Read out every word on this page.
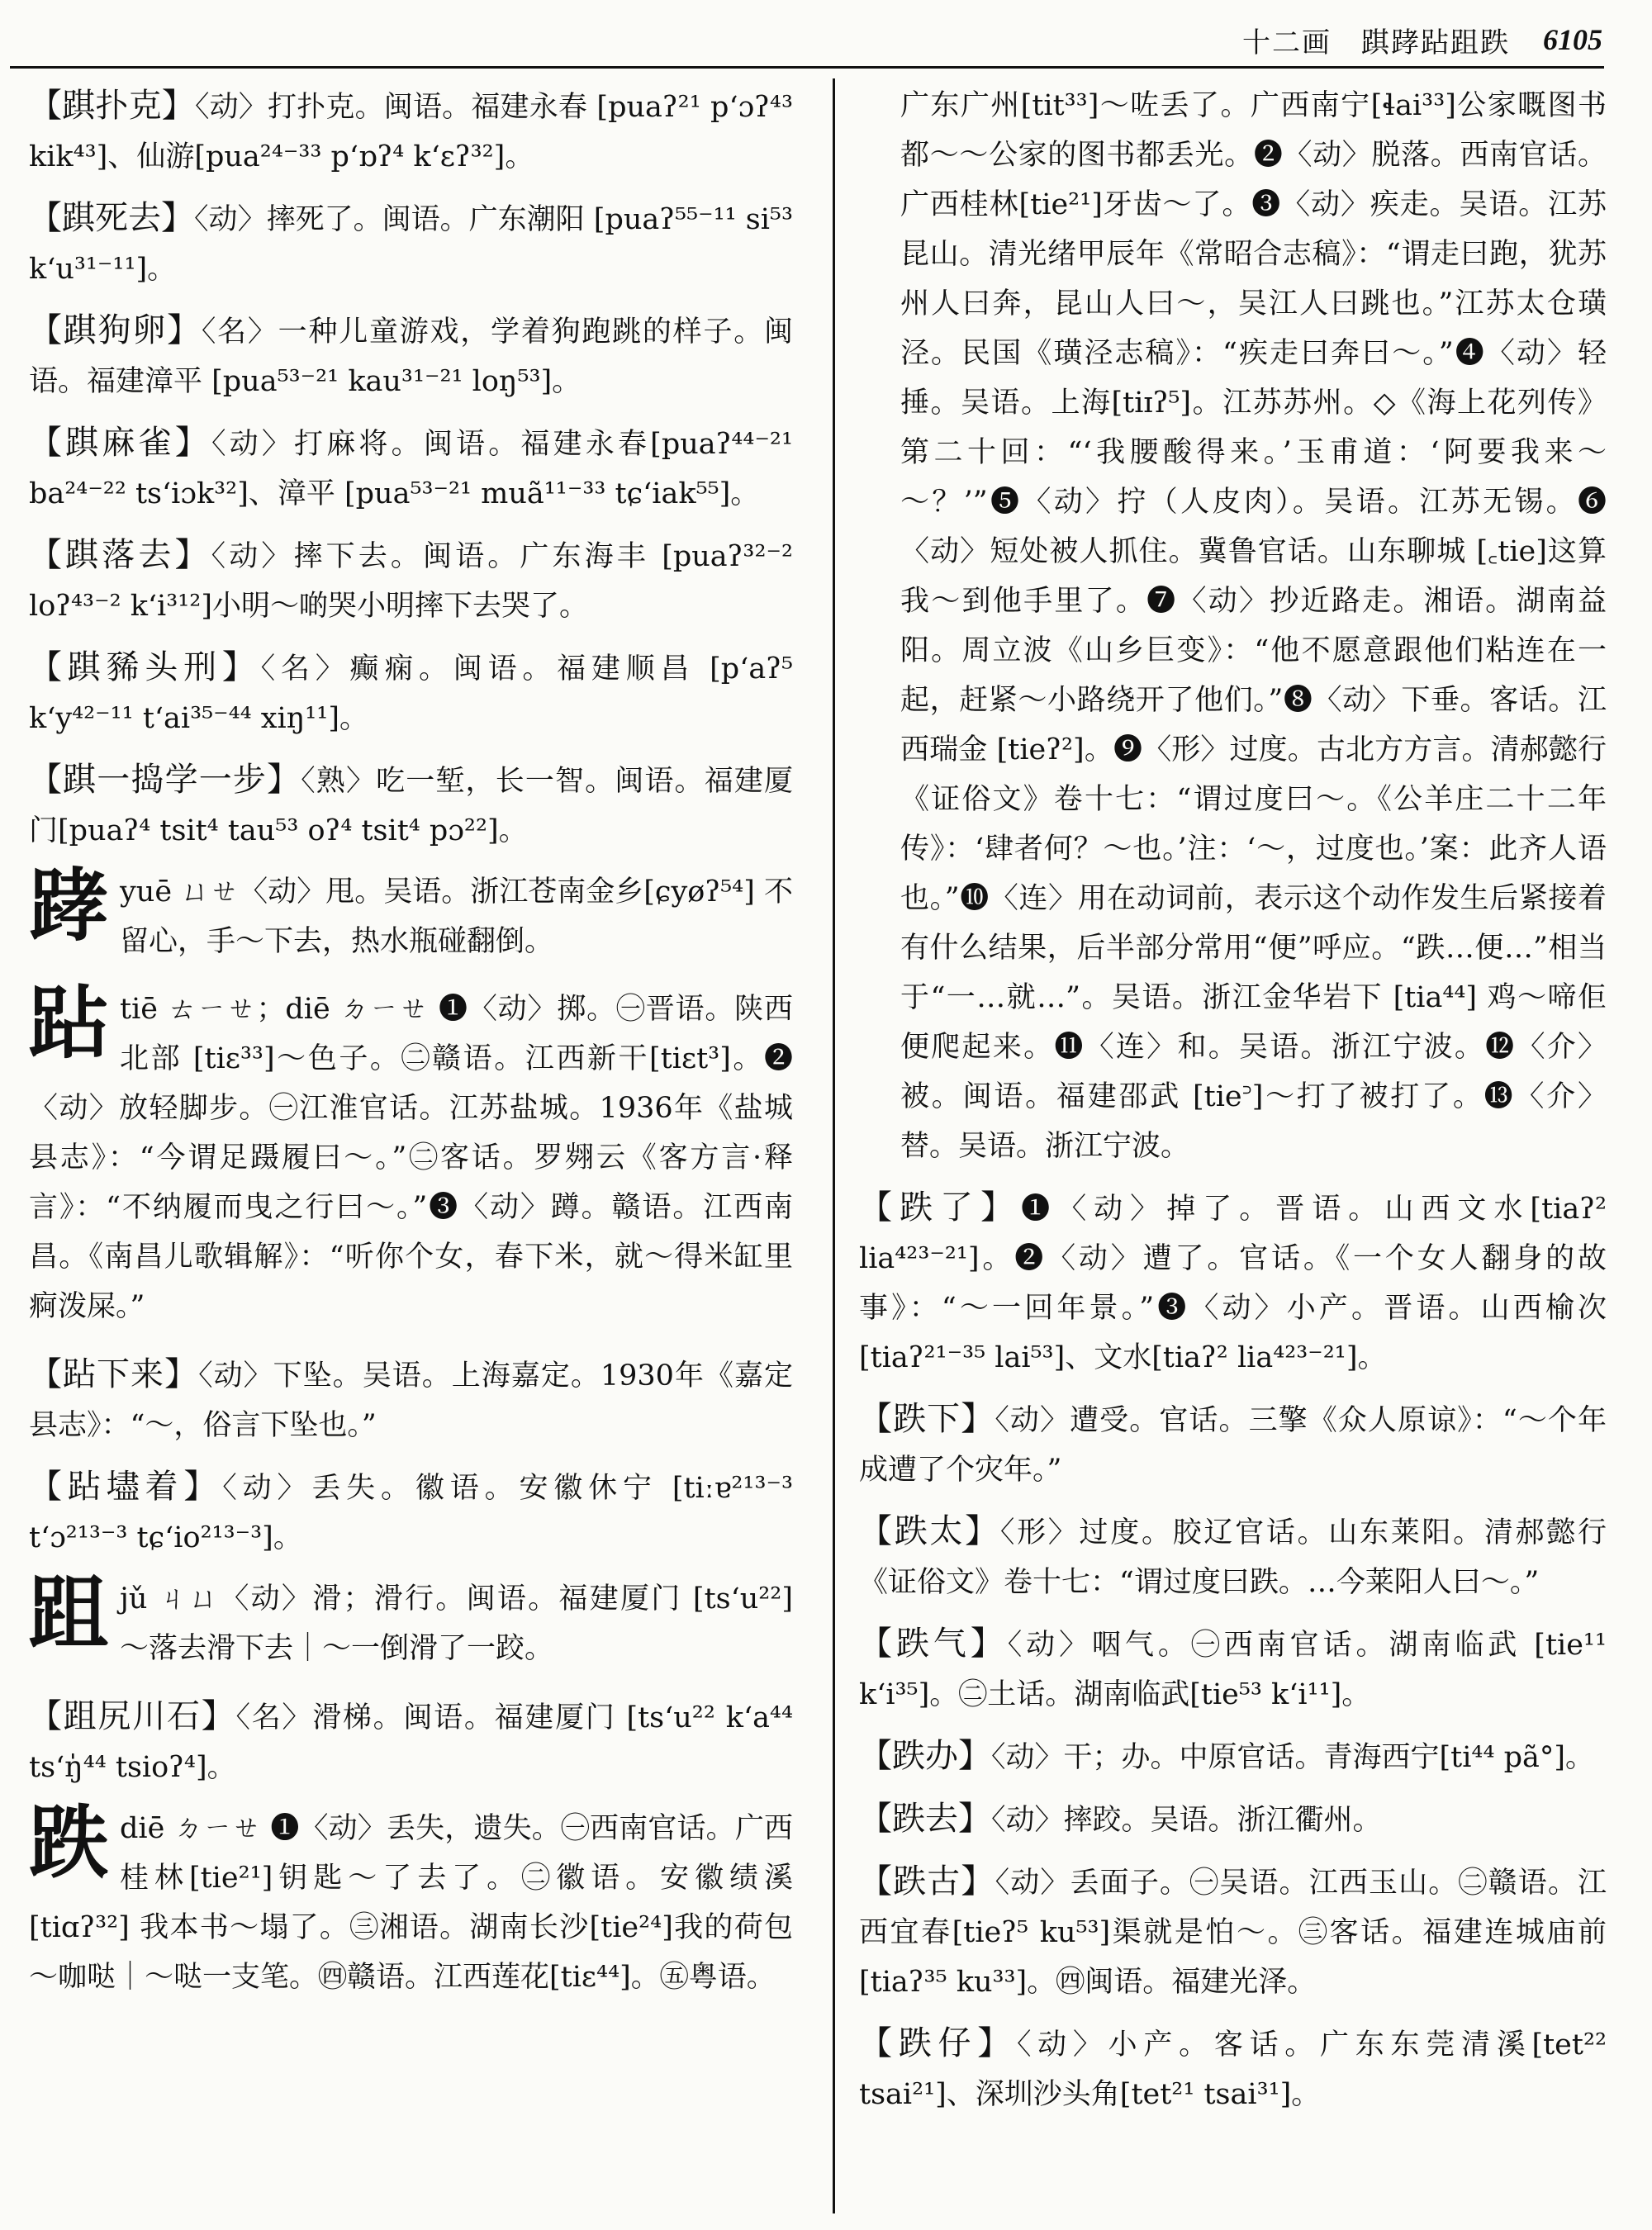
十二画　踑踍跕跙跌 6105

【踑扑克】〈动〉打扑克。闽语。福建永春 [puaʔ²¹ pʻɔʔ⁴³ kik⁴³]、仙游[pua²⁴⁻³³ pʻɒʔ⁴ kʻɛʔ³²]。

【踑死去】〈动〉摔死了。闽语。广东潮阳 [puaʔ⁵⁵⁻¹¹ si⁵³ kʻu³¹⁻¹¹]。

【踑狗卵】〈名〉一种儿童游戏，学着狗跑跳的样子。闽语。福建漳平 [pua⁵³⁻²¹ kau³¹⁻²¹ loŋ⁵³]。

【踑麻雀】〈动〉打麻将。闽语。福建永春[puaʔ⁴⁴⁻²¹ ba²⁴⁻²² tsʻiɔk³²]、漳平 [pua⁵³⁻²¹ muã¹¹⁻³³ tɕʻiak⁵⁵]。

【踑落去】〈动〉摔下去。闽语。广东海丰 [puaʔ³²⁻² loʔ⁴³⁻² kʻi³¹²]小明～啲哭小明摔下去哭了。

【踑豨头刑】〈名〉癫痫。闽语。福建顺昌 [pʻaʔ⁵ kʻy⁴²⁻¹¹ tʻai³⁵⁻⁴⁴ xiŋ¹¹]。

【踑一捣学一步】〈熟〉吃一堑，长一智。闽语。福建厦门[puaʔ⁴ tsit⁴ tau⁵³ oʔ⁴ tsit⁴ pɔ²²]。

踍 yuē ㄩㄝ〈动〉甩。吴语。浙江苍南金乡[ɕyøʔ⁵⁴] 不留心，手～下去，热水瓶碰翻倒。
跕 tiē ㄊㄧㄝ；diē ㄉㄧㄝ ❶〈动〉掷。㊀晋语。陕西北部 [tiɛ³³]～色子。㊁赣语。江西新干[tiɛt³]。❷〈动〉放轻脚步。㊀江淮官话。江苏盐城。1936年《盐城县志》：“今谓足蹑履曰～。”㊁客话。罗翙云《客方言·释言》：“不纳履而曳之行曰～。”❸〈动〉蹲。赣语。江西南昌。《南昌儿歌辑解》：“听你个女，春下米，就～得米缸里痾泼屎。”

【跕下来】〈动〉下坠。吴语。上海嘉定。1930年《嘉定县志》：“～，俗言下坠也。”

【跕壗着】〈动〉丢失。徽语。安徽休宁 [tiːɐ²¹³⁻³ tʻɔ²¹³⁻³ tɕʻio²¹³⁻³]。

跙 jǔ ㄐㄩ〈动〉滑；滑行。闽语。福建厦门 [tsʻu²²] ～落去滑下去｜～一倒滑了一跤。

【跙尻川石】〈名〉滑梯。闽语。福建厦门 [tsʻu²² kʻa⁴⁴ tsʻŋ̍⁴⁴ tsioʔ⁴]。

跌 diē ㄉㄧㄝ ❶〈动〉丢失，遗失。㊀西南官话。广西桂林[tie²¹]钥匙～了去了。㊁徽语。安徽绩溪 [tiɑʔ³²] 我本书～塌了。㊂湘语。湖南长沙[tie²⁴]我的荷包～咖哒｜～哒一支笔。㊃赣语。江西莲花[tiɛ⁴⁴]。㊄粤语。

广东广州[tit³³]～咗丢了。广西南宁[ɬai³³]公家嘅图书都～～公家的图书都丢光。❷〈动〉脱落。西南官话。广西桂林[tie²¹]牙齿～了。❸〈动〉疾走。吴语。江苏昆山。清光绪甲辰年《常昭合志稿》：“谓走曰跑，犹苏州人曰奔，昆山人曰～，吴江人曰跳也。”江苏太仓璜泾。民国《璜泾志稿》：“疾走曰奔曰～。”❹〈动〉轻捶。吴语。上海[tiɪʔ⁵]。江苏苏州。◇《海上花列传》第二十回：“‘我腰酸得来。’玉甫道：‘阿要我来～～？’”❺〈动〉拧（人皮肉）。吴语。江苏无锡。❻〈动〉短处被人抓住。冀鲁官话。山东聊城 [꜀tie]这算我～到他手里了。❼〈动〉抄近路走。湘语。湖南益阳。周立波《山乡巨变》：“他不愿意跟他们粘连在一起，赶紧～小路绕开了他们。”❽〈动〉下垂。客话。江西瑞金 [tieʔ²]。❾〈形〉过度。古北方方言。清郝懿行《证俗文》卷十七：“谓过度曰～。《公羊庄二十二年传》：‘肆者何？～也。’注：‘～，过度也。’案：此齐人语也。”❿〈连〉用在动词前，表示这个动作发生后紧接着有什么结果，后半部分常用“便”呼应。“跌…便…”相当于“一…就…”。吴语。浙江金华岩下 [tia⁴⁴] 鸡～啼佢便爬起来。⓫〈连〉和。吴语。浙江宁波。⓬〈介〉被。闽语。福建邵武 [tie꜄]～打了被打了。⓭〈介〉替。吴语。浙江宁波。

【跌了】❶〈动〉掉了。晋语。山西文水[tiaʔ² lia⁴²³⁻²¹]。❷〈动〉遭了。官话。《一个女人翻身的故事》：“～一回年景。”❸〈动〉小产。晋语。山西榆次[tiaʔ²¹⁻³⁵ lai⁵³]、文水[tiaʔ² lia⁴²³⁻²¹]。

【跌下】〈动〉遭受。官话。三擎《众人原谅》：“～个年成遭了个灾年。”

【跌太】〈形〉过度。胶辽官话。山东莱阳。清郝懿行《证俗文》卷十七：“谓过度曰跌。…今莱阳人曰～。”

【跌气】〈动〉咽气。㊀西南官话。湖南临武 [tie¹¹ kʻi³⁵]。㊁土话。湖南临武[tie⁵³ kʻi¹¹]。

【跌办】〈动〉干；办。中原官话。青海西宁[ti⁴⁴ pã°]。

【跌去】〈动〉摔跤。吴语。浙江衢州。

【跌古】〈动〉丢面子。㊀吴语。江西玉山。㊁赣语。江西宜春[tieʔ⁵ ku⁵³]渠就是怕～。㊂客话。福建连城庙前 [tiaʔ³⁵ ku³³]。㊃闽语。福建光泽。

【跌仔】〈动〉小产。客话。广东东莞清溪[tet²² tsai²¹]、深圳沙头角[tet²¹ tsai³¹]。
